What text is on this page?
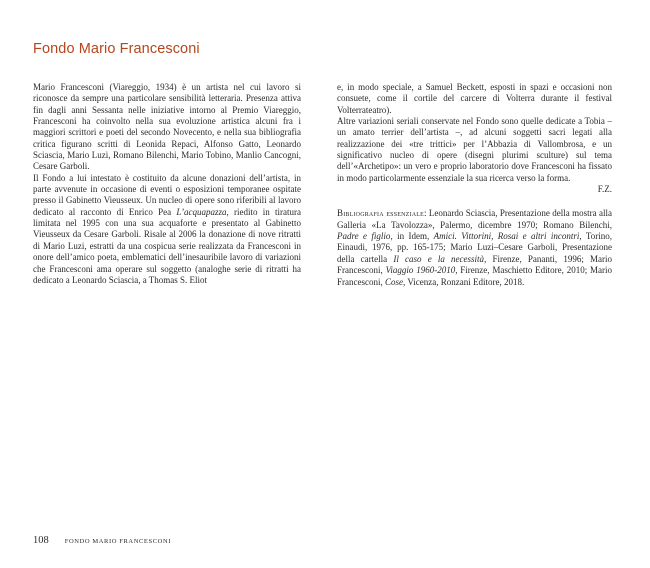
Fondo Mario Francesconi

Mario Francesconi (Viareggio, 1934) è un artista nel cui lavoro si riconosce da sempre una particolare sensibilità letteraria. Presenza attiva fin dagli anni Sessanta nelle iniziative intorno al Premio Viareggio, Francesconi ha coinvolto nella sua evoluzione artistica alcuni fra i maggiori scrittori e poeti del secondo Novecento, e nella sua bibliografia critica figurano scritti di Leonida Repaci, Alfonso Gatto, Leonardo Sciascia, Mario Luzi, Romano Bilenchi, Mario Tobino, Manlio Cancogni, Cesare Garboli.

Il Fondo a lui intestato è costituito da alcune donazioni dell’artista, in parte avvenute in occasione di eventi o esposizioni temporanee ospitate presso il Gabinetto Vieusseux. Un nucleo di opere sono riferibili al lavoro dedicato al racconto di Enrico Pea L’acquapazza, riedito in tiratura limitata nel 1995 con una sua acquaforte e presentato al Gabinetto Vieusseux da Cesare Garboli. Risale al 2006 la donazione di nove ritratti di Mario Luzi, estratti da una cospicua serie realizzata da Francesconi in onore dell’amico poeta, emblematici dell’inesauribile lavoro di variazioni che Francesconi ama operare sul soggetto (analoghe serie di ritratti ha dedicato a Leonardo Sciascia, a Thomas S. Eliot

e, in modo speciale, a Samuel Beckett, esposti in spazi e occasioni non consuete, come il cortile del carcere di Volterra durante il festival Volterrateatro).

Altre variazioni seriali conservate nel Fondo sono quelle dedicate a Tobia – un amato terrier dell’artista –, ad alcuni soggetti sacri legati alla realizzazione dei «tre trittici» per l’Abbazia di Vallombrosa, e un significativo nucleo di opere (disegni plurimi sculture) sul tema dell’«Archetipo»: un vero e proprio laboratorio dove Francesconi ha fissato in modo particolarmente essenziale la sua ricerca verso la forma.

F.Z.

Bibliografia essenziale: Leonardo Sciascia, Presentazione della mostra alla Galleria «La Tavolozza», Palermo, dicembre 1970; Romano Bilenchi, Padre e figlio, in Idem, Amici. Vittorini, Rosai e altri incontri, Torino, Einaudi, 1976, pp. 165-175; Mario Luzi–Cesare Garboli, Presentazione della cartella Il caso e la necessità, Firenze, Pananti, 1996; Mario Francesconi, Viaggio 1960-2010, Firenze, Maschietto Editore, 2010; Mario Francesconi, Cose, Vicenza, Ronzani Editore, 2018.

108 FONDO MARIO FRANCESCONI
